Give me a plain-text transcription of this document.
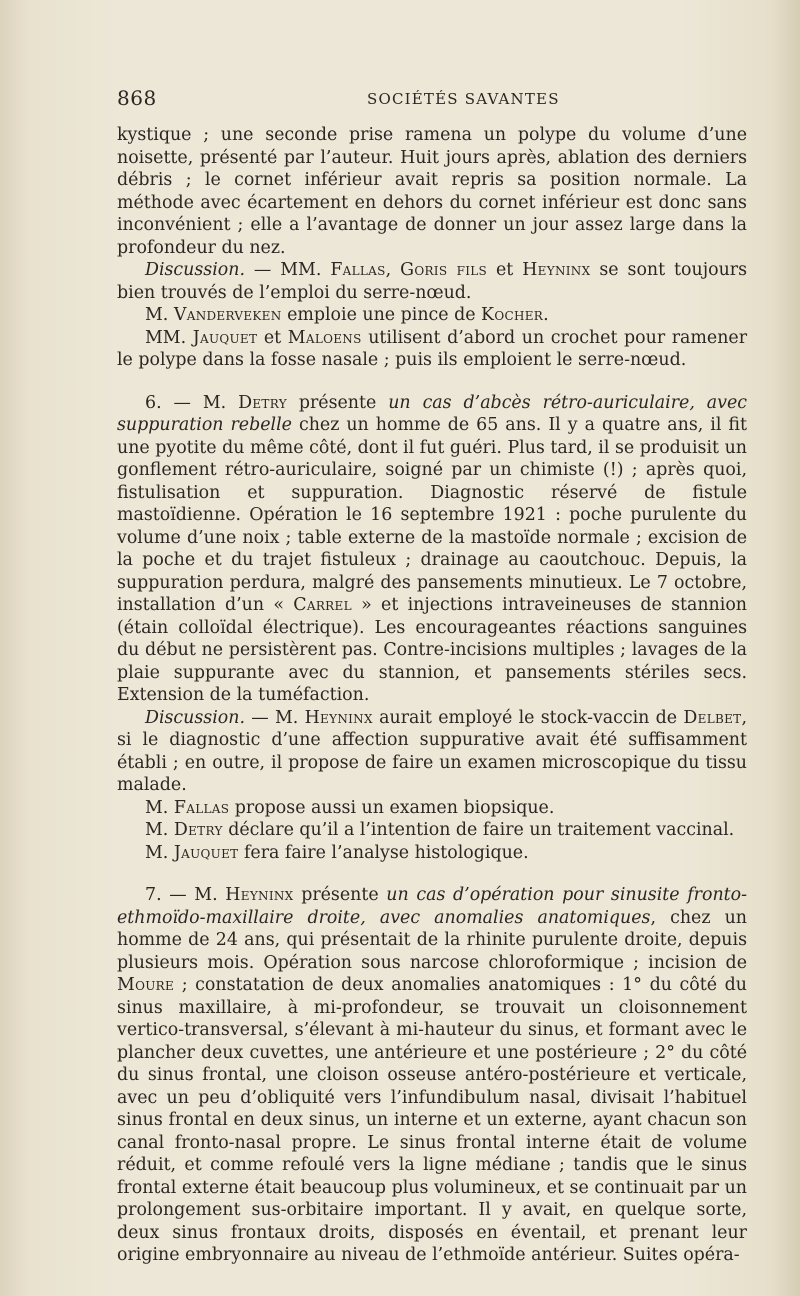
868	SOCIÉTÉS SAVANTES

kystique ; une seconde prise ramena un polype du volume d’une noisette, présenté par l’auteur. Huit jours après, ablation des derniers débris ; le cornet inférieur avait repris sa position normale. La méthode avec écartement en dehors du cornet inférieur est donc sans inconvénient ; elle a l’avantage de donner un jour assez large dans la profondeur du nez.

Discussion. — MM. Fallas, Goris fils et Heyninx se sont toujours bien trouvés de l’emploi du serre-nœud.

M. Vanderveken emploie une pince de Kocher.

MM. Jauquet et Maloens utilisent d’abord un crochet pour ramener le polype dans la fosse nasale ; puis ils emploient le serre-nœud.

6. — M. Detry présente un cas d’abcès rétro-auriculaire, avec suppuration rebelle chez un homme de 65 ans. Il y a quatre ans, il fit une pyotite du même côté, dont il fut guéri. Plus tard, il se produisit un gonflement rétro-auriculaire, soigné par un chimiste (!) ; après quoi, fistulisation et suppuration. Diagnostic réservé de fistule mastoïdienne. Opération le 16 septembre 1921 : poche purulente du volume d’une noix ; table externe de la mastoïde normale ; excision de la poche et du trajet fistuleux ; drainage au caoutchouc. Depuis, la suppuration perdura, malgré des pansements minutieux. Le 7 octobre, installation d’un « Carrel » et injections intraveineuses de stannion (étain colloïdal électrique). Les encourageantes réactions sanguines du début ne persistèrent pas. Contre-incisions multiples ; lavages de la plaie suppurante avec du stannion, et pansements stériles secs. Extension de la tuméfaction.

Discussion. — M. Heyninx aurait employé le stock-vaccin de Delbet, si le diagnostic d’une affection suppurative avait été suffisamment établi ; en outre, il propose de faire un examen microscopique du tissu malade.

M. Fallas propose aussi un examen biopsique.

M. Detry déclare qu’il a l’intention de faire un traitement vaccinal.

M. Jauquet fera faire l’analyse histologique.

7. — M. Heyninx présente un cas d’opération pour sinusite fronto-ethmoïdo-maxillaire droite, avec anomalies anatomiques, chez un homme de 24 ans, qui présentait de la rhinite purulente droite, depuis plusieurs mois. Opération sous narcose chloroformique ; incision de Moure ; constatation de deux anomalies anatomiques : 1° du côté du sinus maxillaire, à mi-profondeur, se trouvait un cloisonnement vertico-transversal, s’élevant à mi-hauteur du sinus, et formant avec le plancher deux cuvettes, une antérieure et une postérieure ; 2° du côté du sinus frontal, une cloison osseuse antéro-postérieure et verticale, avec un peu d’obliquité vers l’infundibulum nasal, divisait l’habituel sinus frontal en deux sinus, un interne et un externe, ayant chacun son canal fronto-nasal propre. Le sinus frontal interne était de volume réduit, et comme refoulé vers la ligne médiane ; tandis que le sinus frontal externe était beaucoup plus volumineux, et se continuait par un prolongement sus-orbitaire important. Il y avait, en quelque sorte, deux sinus frontaux droits, disposés en éventail, et prenant leur origine embryonnaire au niveau de l’ethmoïde antérieur. Suites opéra-
